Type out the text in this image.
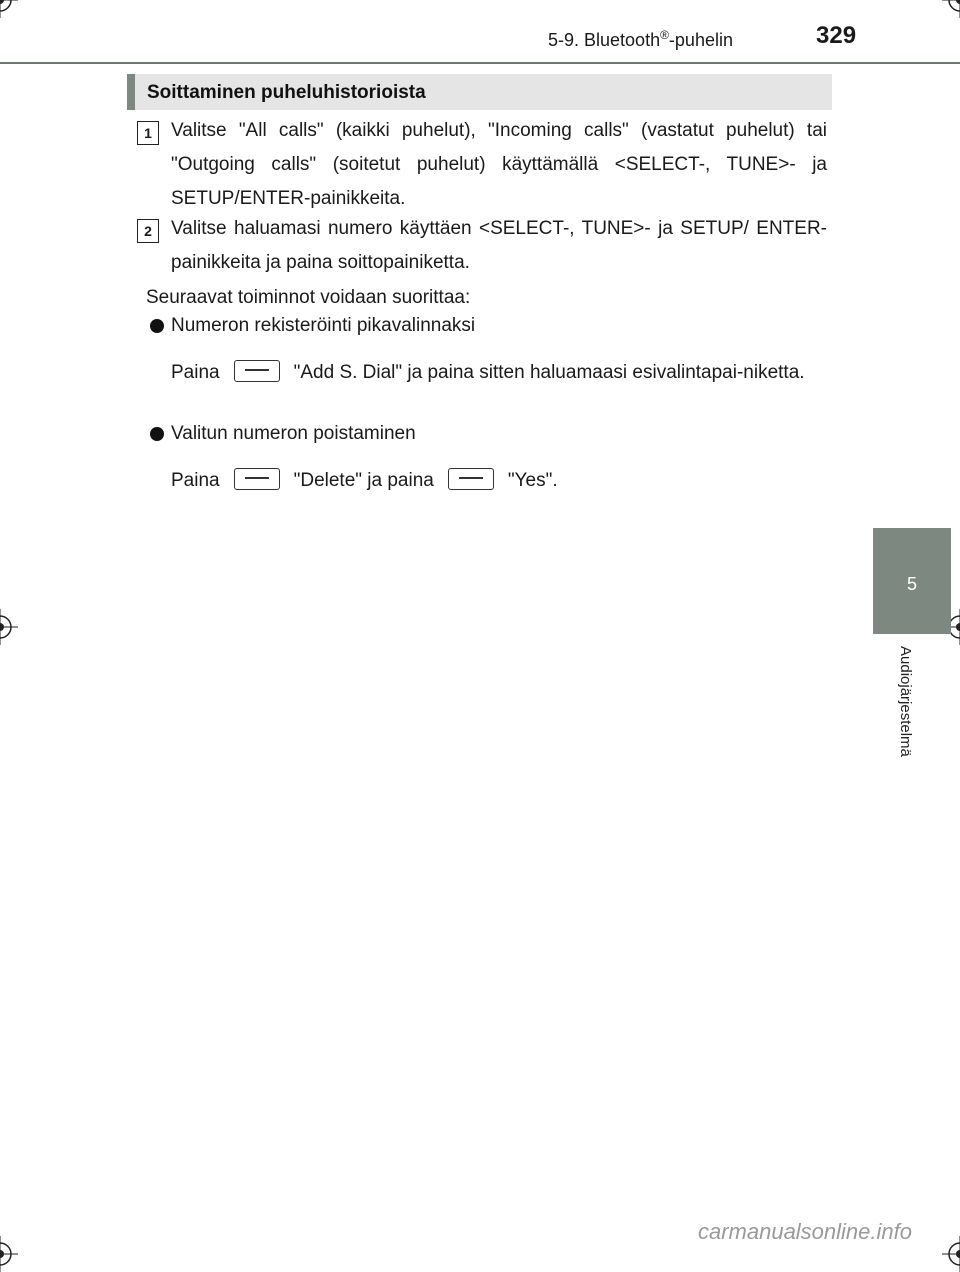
5-9. Bluetooth®-puhelin	329
5
Audiojärjestelmä
Soittaminen puheluhistorioista
1	Valitse "All calls" (kaikki puhelut), "Incoming calls" (vastatut puhelut) tai "Outgoing calls" (soitetut puhelut) käyttämällä <SELECT-, TUNE>- ja SETUP/ENTER-painikkeita.
2	Valitse haluamasi numero käyttäen <SELECT-, TUNE>- ja SETUP/ ENTER-painikkeita ja paina soittopainiketta.
Seuraavat toiminnot voidaan suorittaa:
Numeron rekisteröinti pikavalinnaksi
Paina	"Add S. Dial" ja paina sitten haluamaasi esivalintapai-niketta.
Valitun numeron poistaminen
Paina	"Delete" ja paina	"Yes".
carmanualsonline.info
